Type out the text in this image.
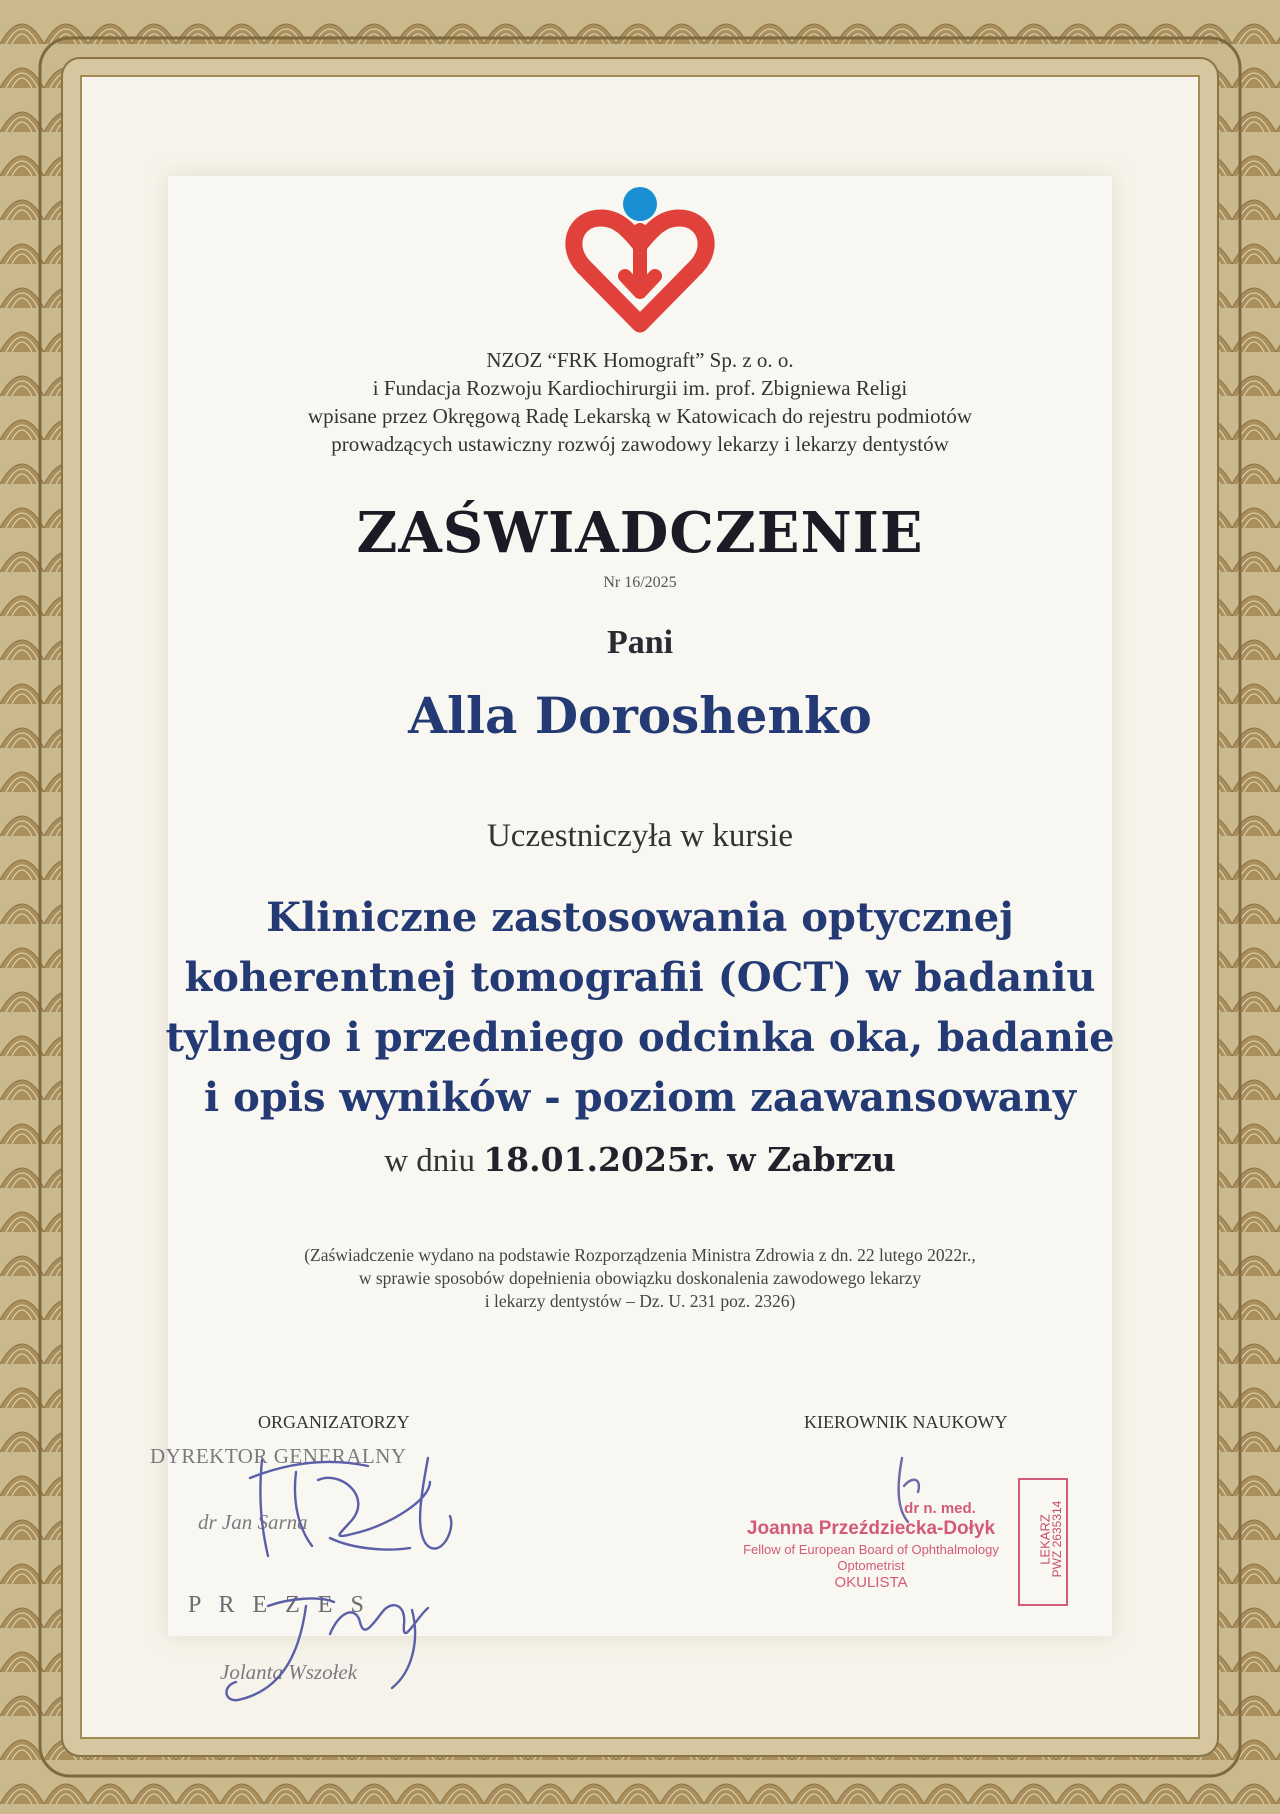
NZOZ “FRK Homograft” Sp. z o. o.
i Fundacja Rozwoju Kardiochirurgii im. prof. Zbigniewa Religi
wpisane przez Okręgową Radę Lekarską w Katowicach do rejestru podmiotów
prowadzących ustawiczny rozwój zawodowy lekarzy i lekarzy dentystów
ZAŚWIADCZENIE
Nr 16/2025
Pani
Alla Doroshenko
Uczestniczyła w kursie
Kliniczne zastosowania optycznej
koherentnej tomografii (OCT) w badaniu
tylnego i przedniego odcinka oka, badanie
i opis wyników - poziom zaawansowany
w dniu 18.01.2025r. w Zabrzu
(Zaświadczenie wydano na podstawie Rozporządzenia Ministra Zdrowia z dn. 22 lutego 2022r.,
w sprawie sposobów dopełnienia obowiązku doskonalenia zawodowego lekarzy
i lekarzy dentystów – Dz. U. 231 poz. 2326)
ORGANIZATORZY	KIEROWNIK NAUKOWY
DYREKTOR GENERALNY
dr Jan Sarna
P R E Z E S
Jolanta Wszołek
dr n. med.
Joanna Przeździecka-Dołyk
Fellow of European Board of Ophthalmology
Optometrist
OKULISTA
LEKARZ
PWZ 2635314
